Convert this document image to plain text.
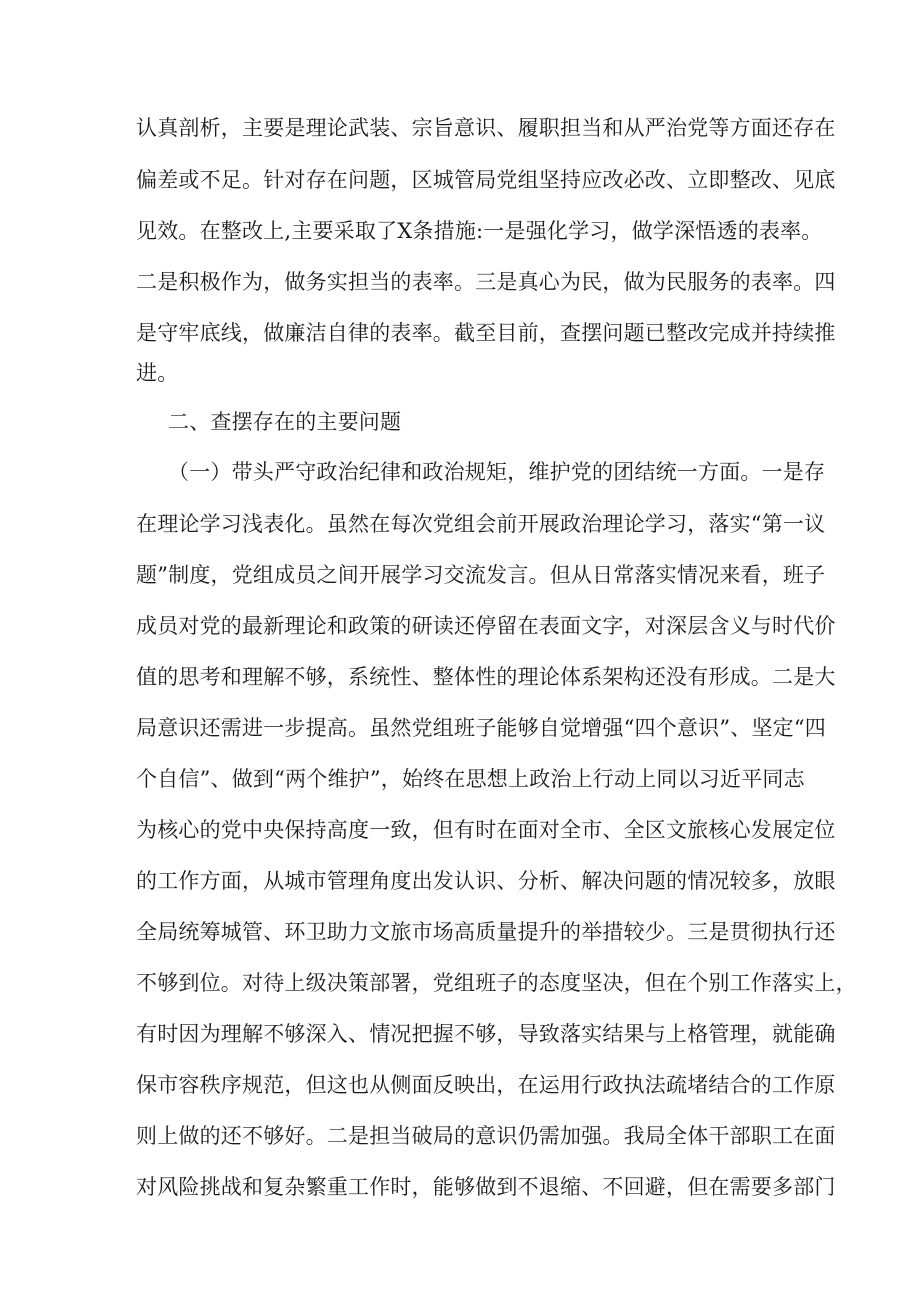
认真剖析，主要是理论武装、宗旨意识、履职担当和从严治党等方面还存在
偏差或不足。针对存在问题，区城管局党组坚持应改必改、立即整改、见底
见效。在整改上,主要采取了X条措施:一是强化学习，做学深悟透的表率。
二是积极作为，做务实担当的表率。三是真心为民，做为民服务的表率。四
是守牢底线，做廉洁自律的表率。截至目前，查摆问题已整改完成并持续推
进。
二、查摆存在的主要问题
（一）带头严守政治纪律和政治规矩，维护党的团结统一方面。一是存
在理论学习浅表化。虽然在每次党组会前开展政治理论学习，落实“第一议
题”制度，党组成员之间开展学习交流发言。但从日常落实情况来看，班子
成员对党的最新理论和政策的研读还停留在表面文字，对深层含义与时代价
值的思考和理解不够，系统性、整体性的理论体系架构还没有形成。二是大
局意识还需进一步提高。虽然党组班子能够自觉增强“四个意识”、坚定“四
个自信”、做到“两个维护”，始终在思想上政治上行动上同以习近平同志
为核心的党中央保持高度一致，但有时在面对全市、全区文旅核心发展定位
的工作方面，从城市管理角度出发认识、分析、解决问题的情况较多，放眼
全局统筹城管、环卫助力文旅市场高质量提升的举措较少。三是贯彻执行还
不够到位。对待上级决策部署，党组班子的态度坚决，但在个别工作落实上，
有时因为理解不够深入、情况把握不够，导致落实结果与上格管理，就能确
保市容秩序规范，但这也从侧面反映出，在运用行政执法疏堵结合的工作原
则上做的还不够好。二是担当破局的意识仍需加强。我局全体干部职工在面
对风险挑战和复杂繁重工作时，能够做到不退缩、不回避，但在需要多部门
